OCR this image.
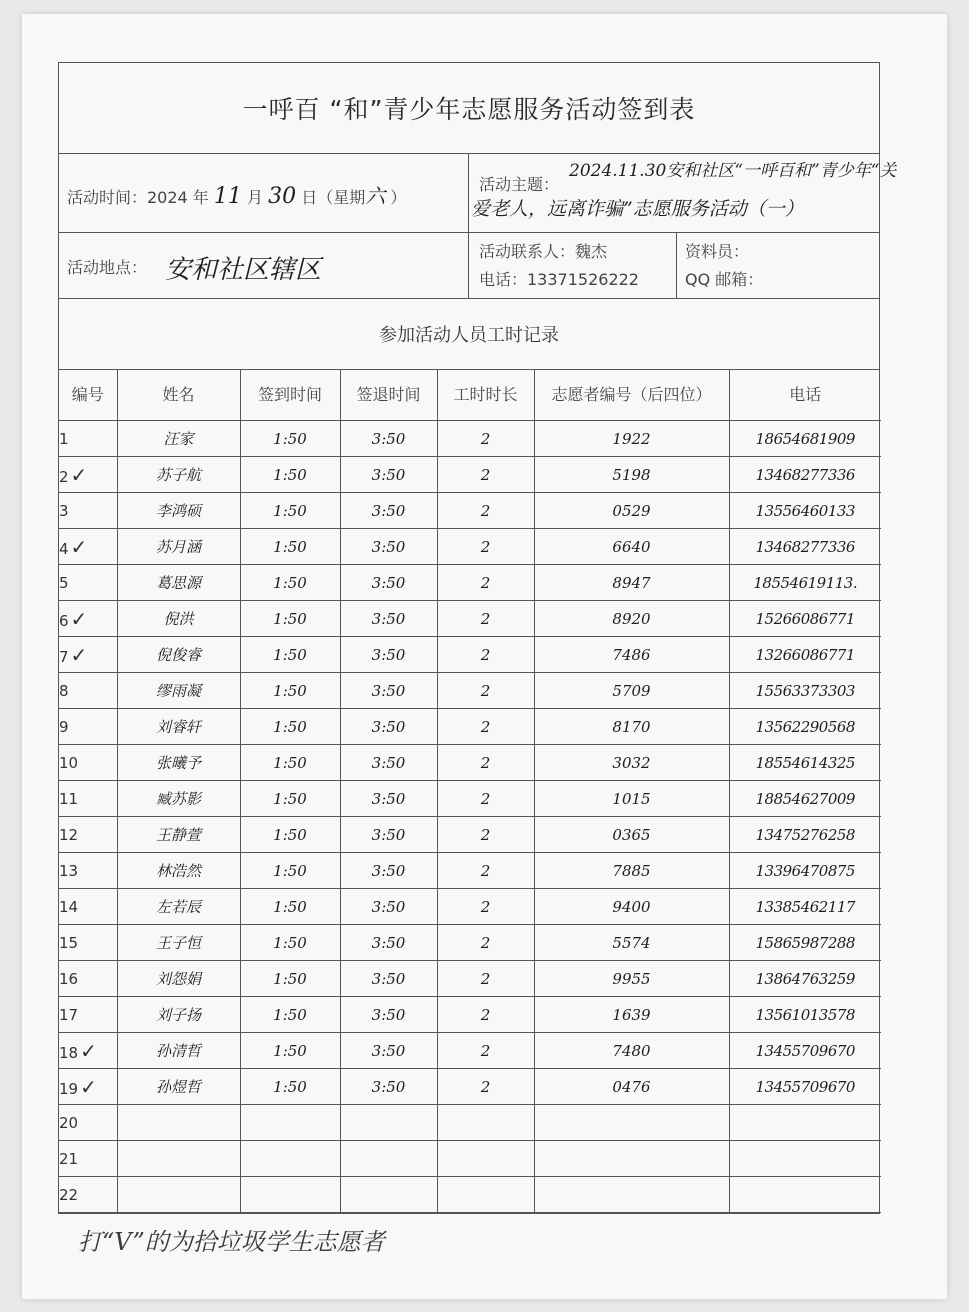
一呼百 “和”青少年志愿服务活动签到表
活动时间：2024 年 11 月 30 日（星期六 ）
活动主题：
2024.11.30安和社区“一呼百和”青少年“关
爱老人，远离诈骗”志愿服务活动（一）
活动地点： 安和社区辖区
活动联系人：魏杰
电话：13371526222
资料员：
QQ 邮箱：
参加活动人员工时记录
编号	姓名	签到时间	签退时间	工时时长	志愿者编号（后四位）	电话
1	汪家	1:50	3:50	2	1922	18654681909
2 ✓	苏子航	1:50	3:50	2	5198	13468277336
3	李鸿硕	1:50	3:50	2	0529	13556460133
4 ✓	苏月涵	1:50	3:50	2	6640	13468277336
5	葛思源	1:50	3:50	2	8947	18554619113.
6 ✓	倪洪	1:50	3:50	2	8920	15266086771
7 ✓	倪俊睿	1:50	3:50	2	7486	13266086771
8	缪雨凝	1:50	3:50	2	5709	15563373303
9	刘睿轩	1:50	3:50	2	8170	13562290568
10	张曦予	1:50	3:50	2	3032	18554614325
11	臧苏影	1:50	3:50	2	1015	18854627009
12	王静萱	1:50	3:50	2	0365	13475276258
13	林浩然	1:50	3:50	2	7885	13396470875
14	左若辰	1:50	3:50	2	9400	13385462117
15	王子恒	1:50	3:50	2	5574	15865987288
16	刘怨娟	1:50	3:50	2	9955	13864763259
17	刘子扬	1:50	3:50	2	1639	13561013578
18 ✓	孙清哲	1:50	3:50	2	7480	13455709670
19 ✓	孙煜哲	1:50	3:50	2	0476	13455709670
20						
21						
22						
打“V”的为拾垃圾学生志愿者
